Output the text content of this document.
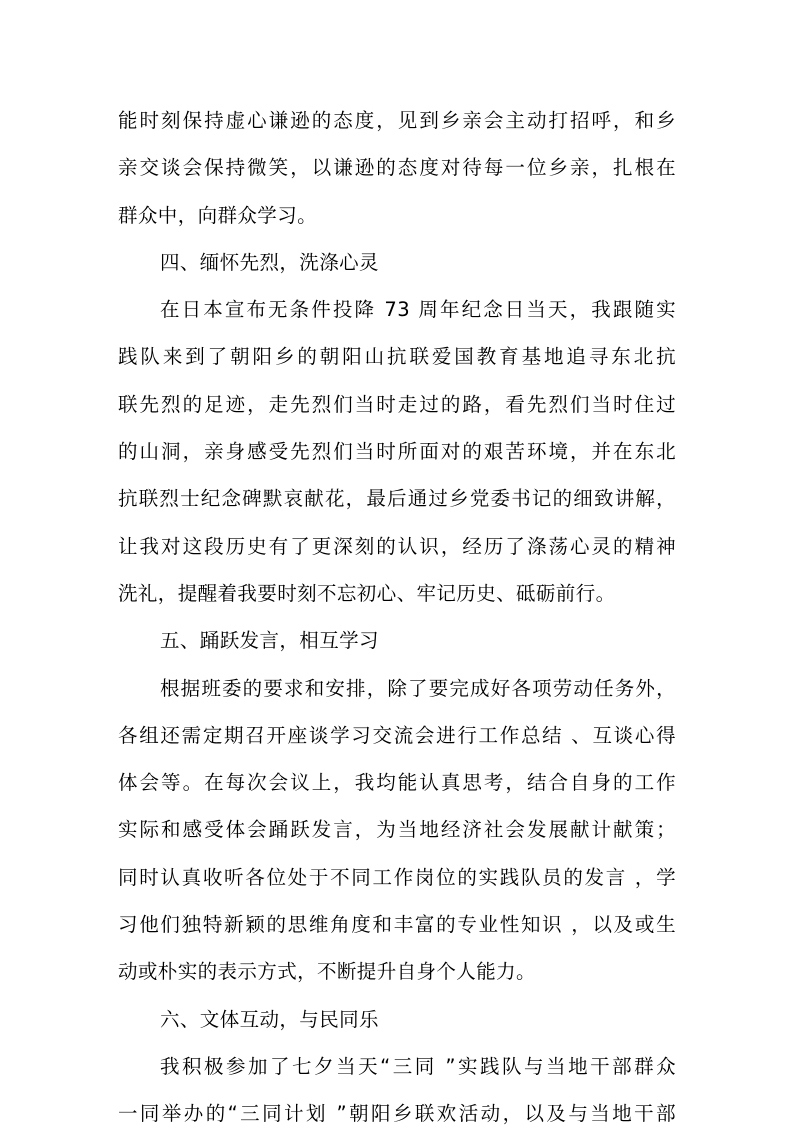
能时刻保持虚心谦逊的态度，见到乡亲会主动打招呼，和乡
亲交谈会保持微笑，以谦逊的态度对待每一位乡亲，扎根在
群众中，向群众学习。
四、缅怀先烈，洗涤心灵
在日本宣布无条件投降 73 周年纪念日当天，我跟随实
践队来到了朝阳乡的朝阳山抗联爱国教育基地追寻东北抗
联先烈的足迹，走先烈们当时走过的路，看先烈们当时住过
的山洞，亲身感受先烈们当时所面对的艰苦环境，并在东北
抗联烈士纪念碑默哀献花，最后通过乡党委书记的细致讲解，
让我对这段历史有了更深刻的认识，经历了涤荡心灵的精神
洗礼，提醒着我要时刻不忘初心、牢记历史、砥砺前行。
五、踊跃发言，相互学习
根据班委的要求和安排，除了要完成好各项劳动任务外，
各组还需定期召开座谈学习交流会进行工作总结 、互谈心得
体会等。在每次会议上，我均能认真思考，结合自身的工作
实际和感受体会踊跃发言，为当地经济社会发展献计献策；
同时认真收听各位处于不同工作岗位的实践队员的发言 ，学
习他们独特新颖的思维角度和丰富的专业性知识 ，以及或生
动或朴实的表示方式，不断提升自身个人能力。
六、文体互动，与民同乐
我积极参加了七夕当天“三同 ”实践队与当地干部群众
一同举办的“三同计划 ”朝阳乡联欢活动，以及与当地干部
